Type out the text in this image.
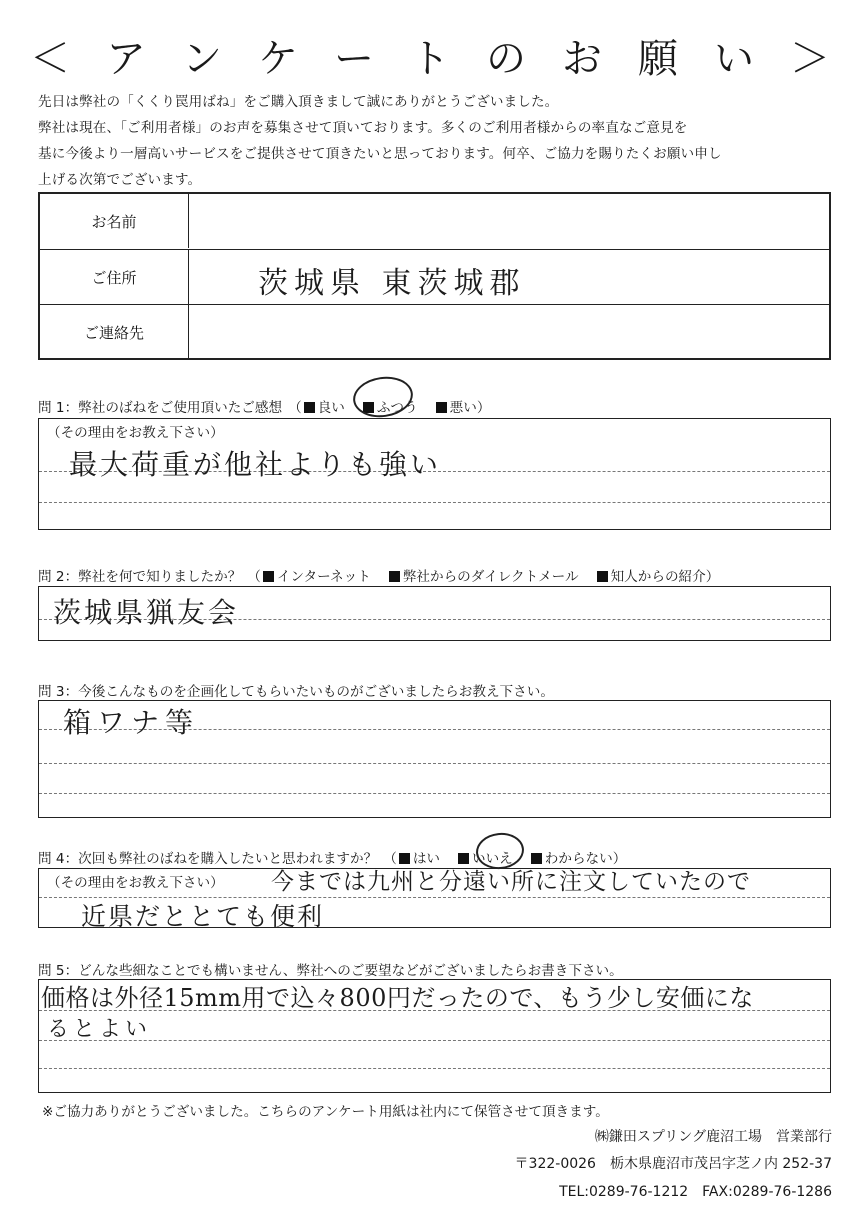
＜ ア ン ケ ー ト の お 願 い ＞
先日は弊社の「くくり罠用ばね」をご購入頂きまして誠にありがとうございました。
弊社は現在、「ご利用者様」のお声を募集させて頂いております。多くのご利用者様からの率直なご意見を
基に今後より一層高いサービスをご提供させて頂きたいと思っております。何卒、ご協力を賜りたくお願い申し
上げる次第でございます。
お名前
ご住所	茨城県 東茨城郡
ご連絡先
問 1：弊社のばねをご使用頂いたご感想 （ 良い ふつう 悪い）
（その理由をお教え下さい）
最大荷重が他社よりも強い
問 2：弊社を何で知りましたか？ （ インターネット 弊社からのダイレクトメール 知人からの紹介）
茨城県猟友会
問 3：今後こんなものを企画化してもらいたいものがございましたらお教え下さい。
箱ワナ等
問 4：次回も弊社のばねを購入したいと思われますか？ （ はい いいえ わからない）
（その理由をお教え下さい） 今までは九州と分遠い所に注文していたので
近県だととても便利
問 5：どんな些細なことでも構いません、弊社へのご要望などがございましたらお書き下さい。
価格は外径15mm用で込々800円だったので、もう少し安価にな
るとよい
※ご協力ありがとうございました。こちらのアンケート用紙は社内にて保管させて頂きます。
㈱鎌田スプリング鹿沼工場　営業部行
〒322-0026　栃木県鹿沼市茂呂字芝ノ内 252-37
TEL:0289-76-1212　FAX:0289-76-1286
